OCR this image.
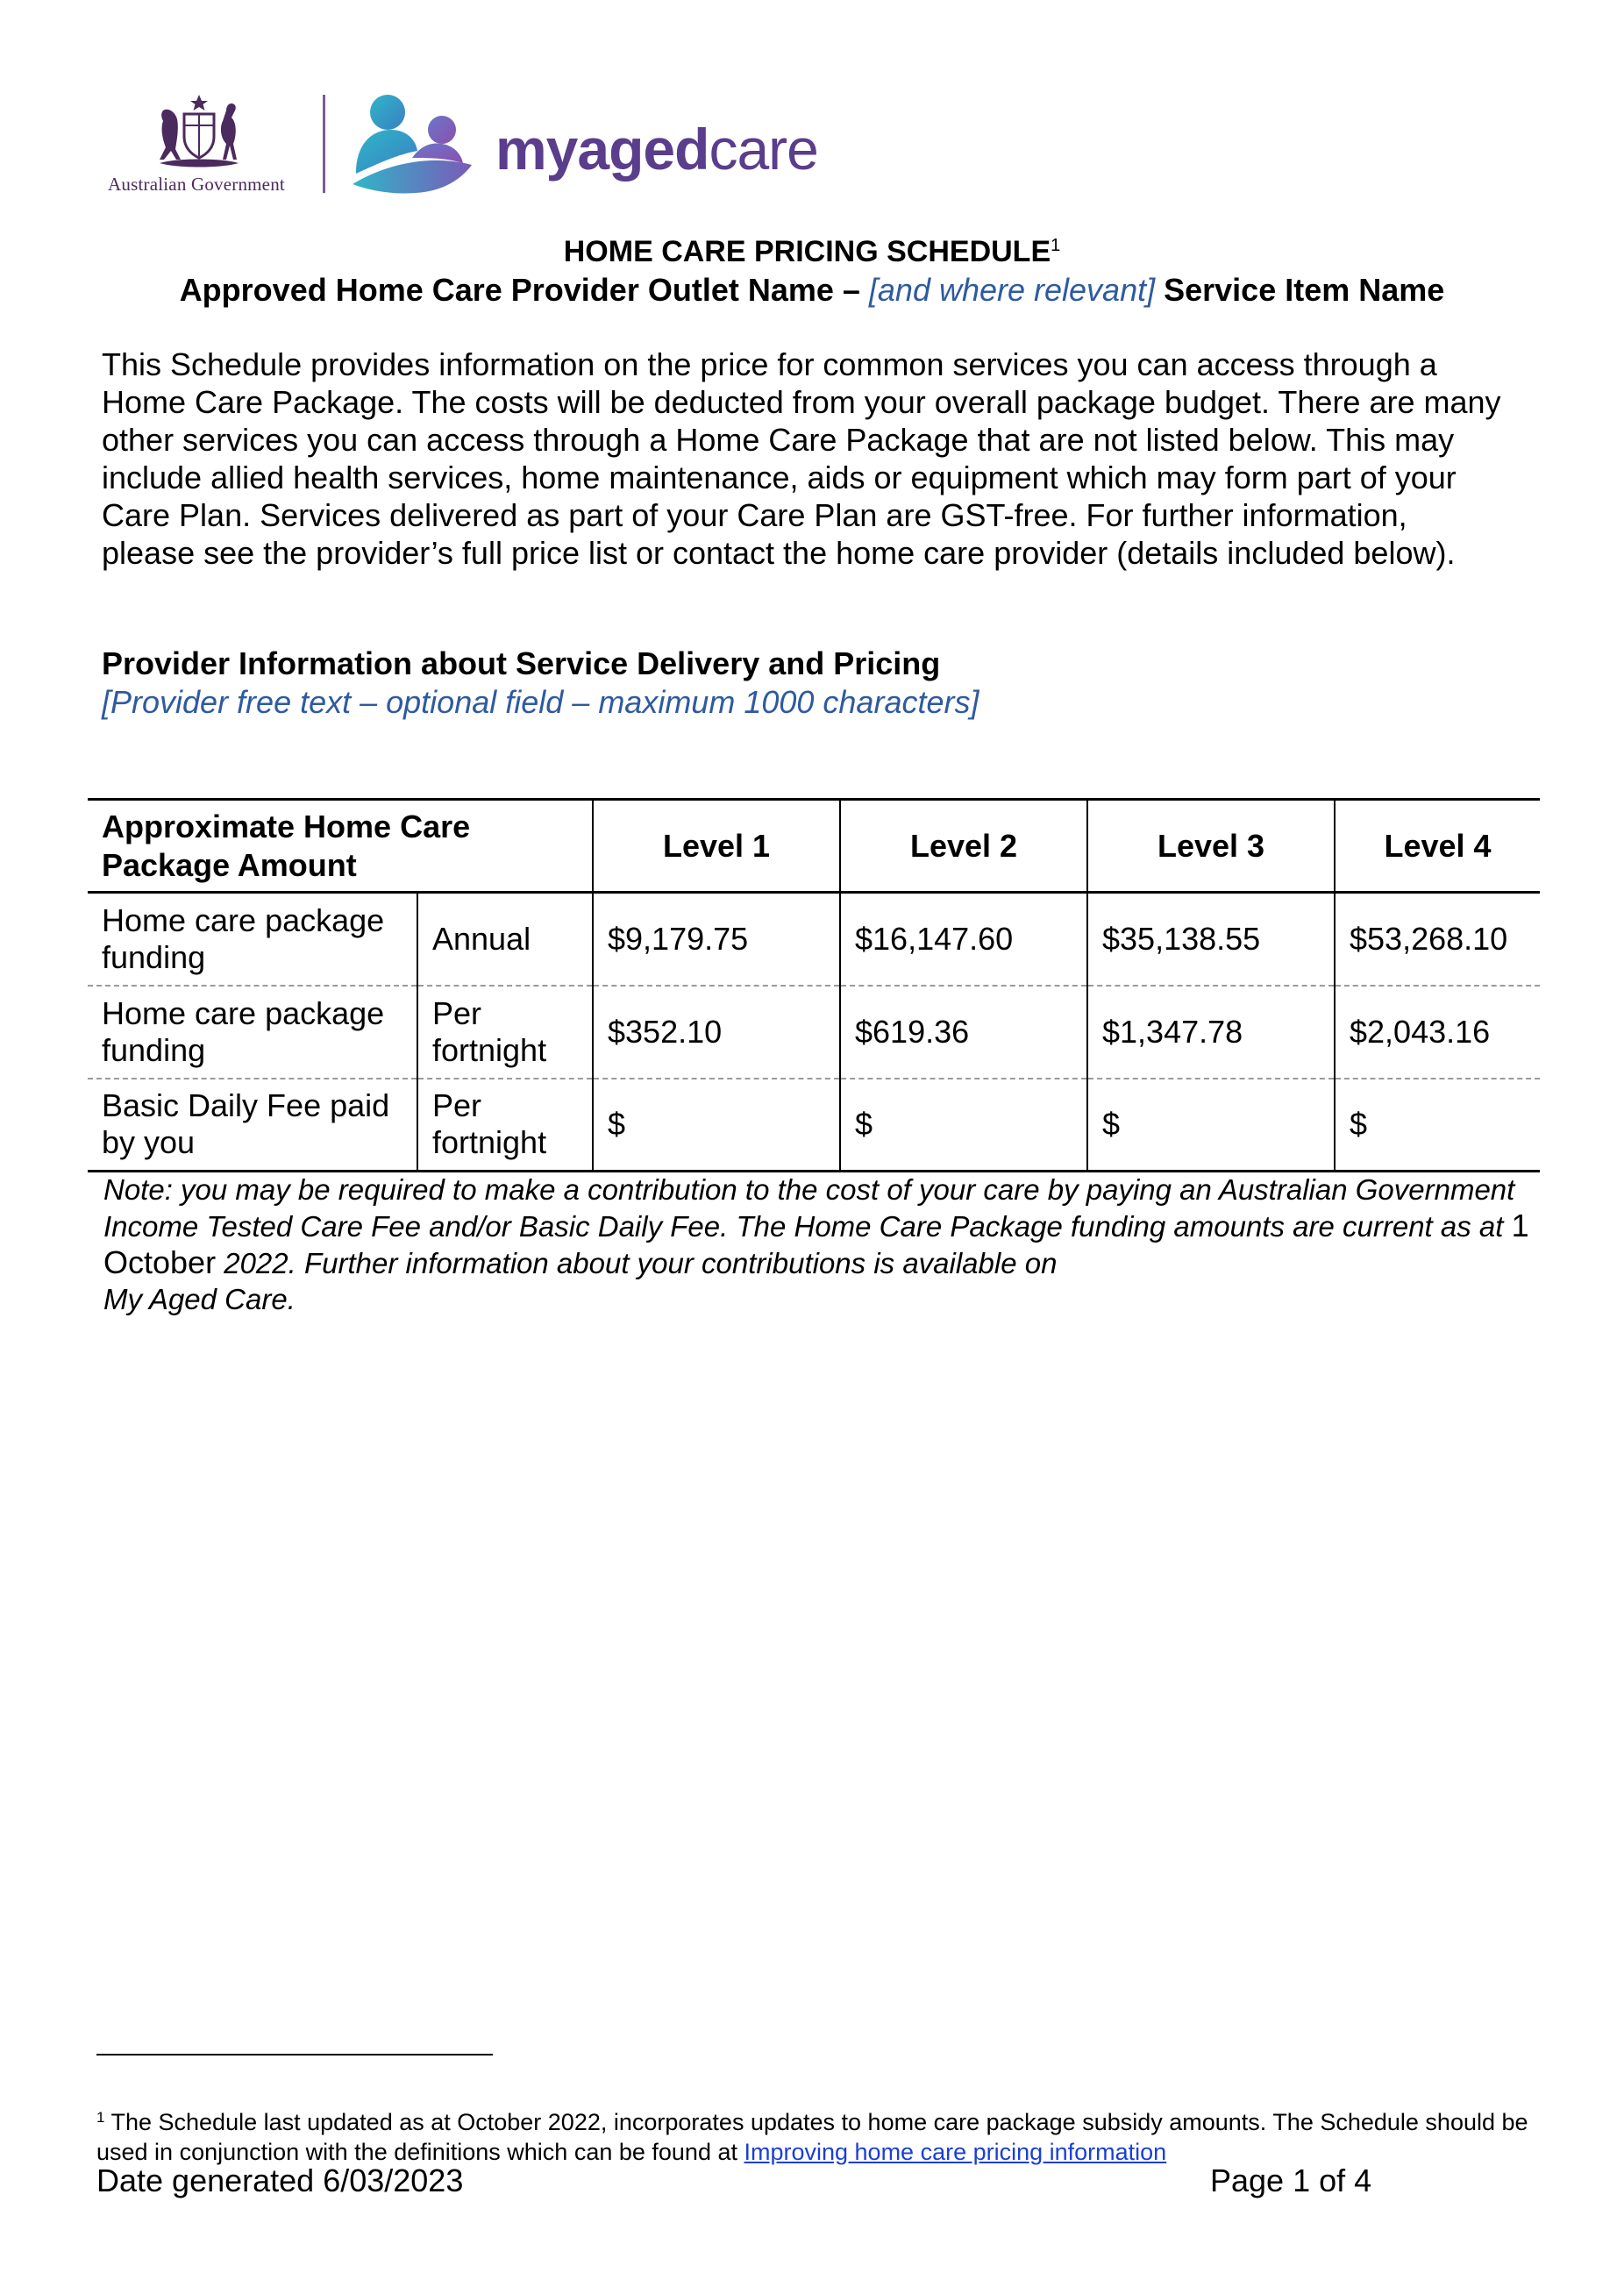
Australian Government
myagedcare
HOME CARE PRICING SCHEDULE$^1$
Approved Home Care Provider Outlet Name – [and where relevant] Service Item Name
This Schedule provides information on the price for common services you can access through a Home Care Package. The costs will be deducted from your overall package budget. There are many other services you can access through a Home Care Package that are not listed below. This may include allied health services, home maintenance, aids or equipment which may form part of your Care Plan. Services delivered as part of your Care Plan are GST-free. For further information, please see the provider’s full price list or contact the home care provider (details included below).
Provider Information about Service Delivery and Pricing
[Provider free text – optional field – maximum 1000 characters]
Approximate Home Care Package Amount		Level 1	Level 2	Level 3	Level 4
Home care package funding	Annual	$9,179.75	$16,147.60	$35,138.55	$53,268.10
Home care package funding	Per fortnight	$352.10	$619.36	$1,347.78	$2,043.16
Basic Daily Fee paid by you	Per fortnight	$	$	$	$
Note: you may be required to make a contribution to the cost of your care by paying an Australian Government Income Tested Care Fee and/or Basic Daily Fee. The Home Care Package funding amounts are current as at 1 October 2022. Further information about your contributions is available on
My Aged Care.
$^1$ The Schedule last updated as at October 2022, incorporates updates to home care package subsidy amounts. The Schedule should be used in conjunction with the definitions which can be found at Improving home care pricing information
Date generated 6/03/2023	Page 1 of 4
